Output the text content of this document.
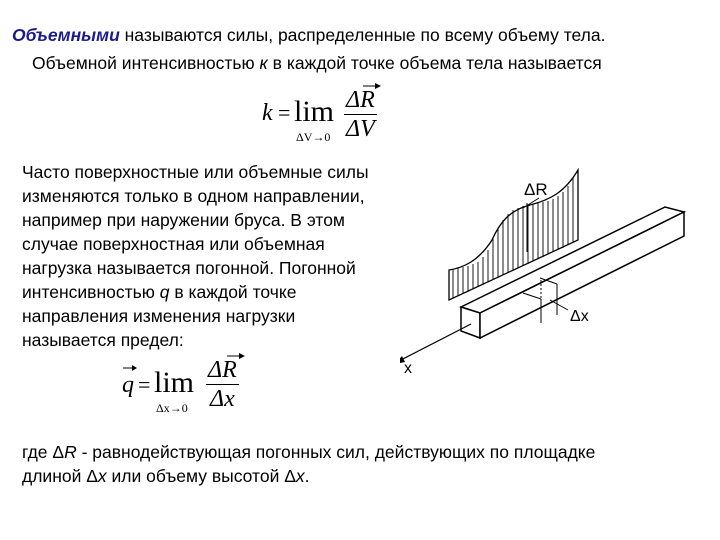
Объемными называются силы, распределенные по всему объему тела.
Объемной интенсивностью к в каждой точке объема тела называется
k = lim
$\Delta V\to 0 \frac{\Delta R}{\Delta V}$
Часто поверхностные или объемные силы
изменяются только в одном направлении,
например при наружении бруса. В этом
случае поверхностная или объемная
нагрузка называется погонной. Погонной
интенсивностью q в каждой точке
направления изменения нагрузки
называется предел:
q = lim
$\Delta x\to 0 \frac{\Delta R}{\Delta x}$
ΔR
Δx
x
где ΔR - равнодействующая погонных сил, действующих по площадке
длиной Δx или объему высотой Δx.
